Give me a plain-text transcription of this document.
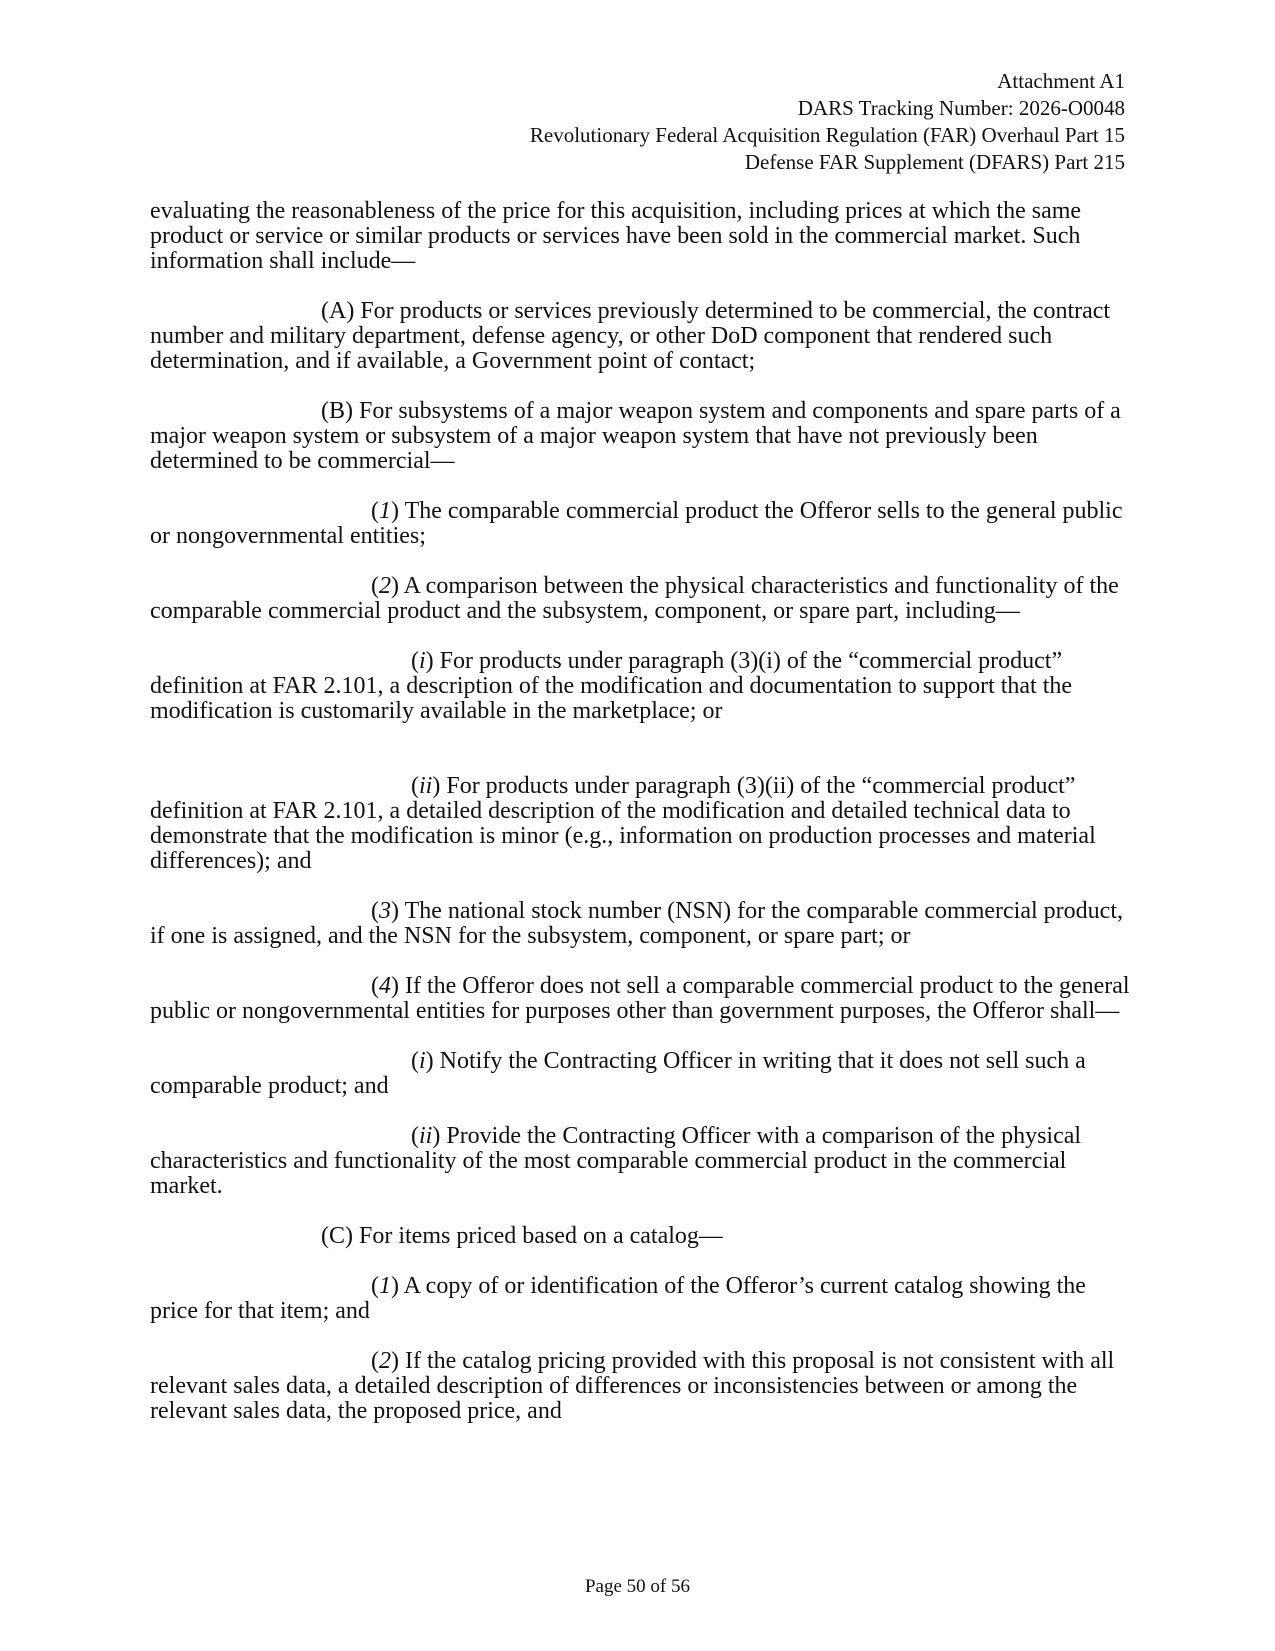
Attachment A1
DARS Tracking Number: 2026-O0048
Revolutionary Federal Acquisition Regulation (FAR) Overhaul Part 15
Defense FAR Supplement (DFARS) Part 215

evaluating the reasonableness of the price for this acquisition, including prices at which the same product or service or similar products or services have been sold in the commercial market. Such information shall include—

(A) For products or services previously determined to be commercial, the contract number and military department, defense agency, or other DoD component that rendered such determination, and if available, a Government point of contact;

(B) For subsystems of a major weapon system and components and spare parts of a major weapon system or subsystem of a major weapon system that have not previously been determined to be commercial—

(1) The comparable commercial product the Offeror sells to the general public or nongovernmental entities;

(2) A comparison between the physical characteristics and functionality of the comparable commercial product and the subsystem, component, or spare part, including—

(i) For products under paragraph (3)(i) of the “commercial product” definition at FAR 2.101, a description of the modification and documentation to support that the modification is customarily available in the marketplace; or

(ii) For products under paragraph (3)(ii) of the “commercial product” definition at FAR 2.101, a detailed description of the modification and detailed technical data to demonstrate that the modification is minor (e.g., information on production processes and material differences); and

(3) The national stock number (NSN) for the comparable commercial product, if one is assigned, and the NSN for the subsystem, component, or spare part; or

(4) If the Offeror does not sell a comparable commercial product to the general public or nongovernmental entities for purposes other than government purposes, the Offeror shall—

(i) Notify the Contracting Officer in writing that it does not sell such a comparable product; and

(ii) Provide the Contracting Officer with a comparison of the physical characteristics and functionality of the most comparable commercial product in the commercial market.

(C) For items priced based on a catalog—

(1) A copy of or identification of the Offeror’s current catalog showing the price for that item; and

(2) If the catalog pricing provided with this proposal is not consistent with all relevant sales data, a detailed description of differences or inconsistencies between or among the relevant sales data, the proposed price, and

Page 50 of 56
